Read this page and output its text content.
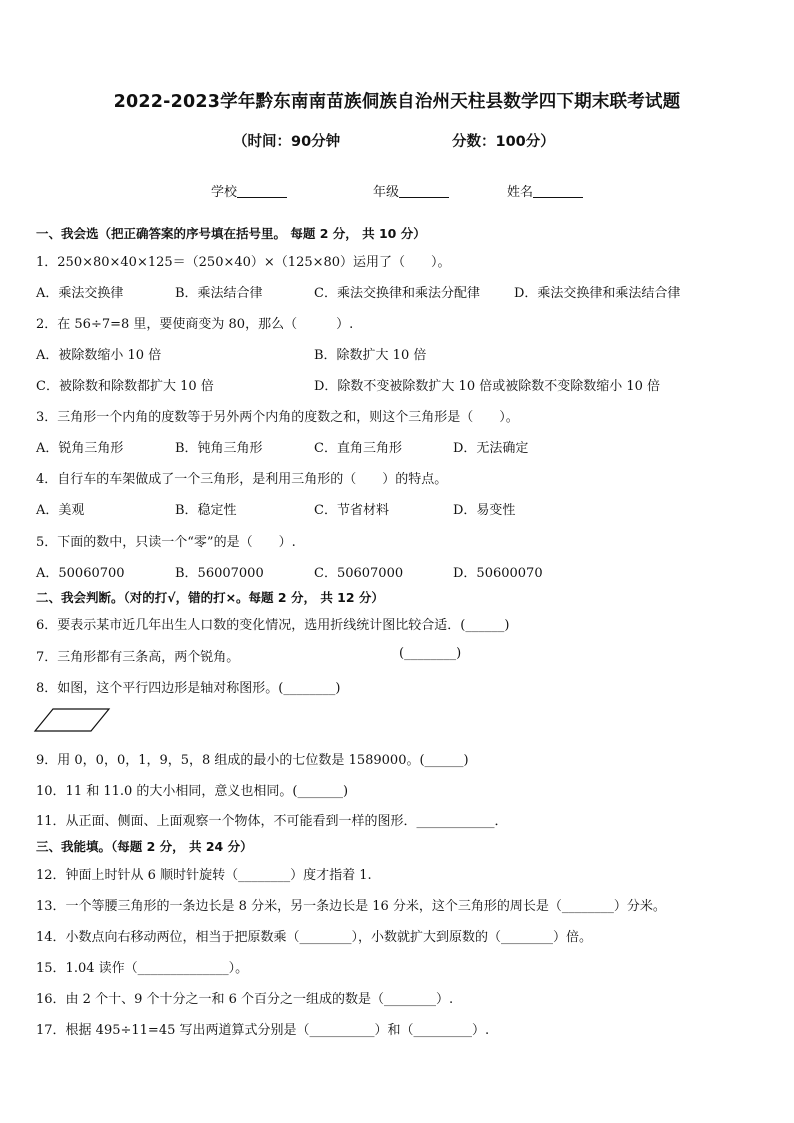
2022-2023学年黔东南南苗族侗族自治州天柱县数学四下期末联考试题
（时间：90分钟	分数：100分）
学校	年级	姓名
一、我会选（把正确答案的序号填在括号里。 每题 2 分， 共 10 分）
1．250×80×40×125＝（250×40）×（125×80）运用了（　　）。
A．乘法交换律	B．乘法结合律	C．乘法交换律和乘法分配律	D．乘法交换律和乘法结合律
2．在 56÷7=8 里，要使商变为 80，那么（　　　）.
A．被除数缩小 10 倍	B．除数扩大 10 倍
C．被除数和除数都扩大 10 倍	D．除数不变被除数扩大 10 倍或被除数不变除数缩小 10 倍
3．三角形一个内角的度数等于另外两个内角的度数之和，则这个三角形是（　　）。
A．锐角三角形	B．钝角三角形	C．直角三角形	D．无法确定
4．自行车的车架做成了一个三角形，是利用三角形的（　　）的特点。
A．美观	B．稳定性	C．节省材料	D．易变性
5．下面的数中，只读一个“零”的是（　　）.
A．50060700	B．56007000	C．50607000	D．50600070
二、我会判断。（对的打√，错的打×。每题 2 分， 共 12 分）
6．要表示某市近几年出生人口数的变化情况，选用折线统计图比较合适．(______)
7．三角形都有三条高，两个锐角。	(________)
8．如图，这个平行四边形是轴对称图形。(________)
9．用 0，0，0，1，9，5，8 组成的最小的七位数是 1589000。(______)
10．11 和 11.0 的大小相同，意义也相同。(_______)
11．从正面、侧面、上面观察一个物体，不可能看到一样的图形．____________．
三、我能填。（每题 2 分， 共 24 分）
12．钟面上时针从 6 顺时针旋转（________）度才指着 1.
13．一个等腰三角形的一条边长是 8 分米，另一条边长是 16 分米，这个三角形的周长是（________）分米。
14．小数点向右移动两位，相当于把原数乘（________），小数就扩大到原数的（________）倍。
15．1.04 读作（______________）。
16．由 2 个十、9 个十分之一和 6 个百分之一组成的数是（________）.
17．根据 495÷11=45 写出两道算式分别是（__________）和（_________）.
